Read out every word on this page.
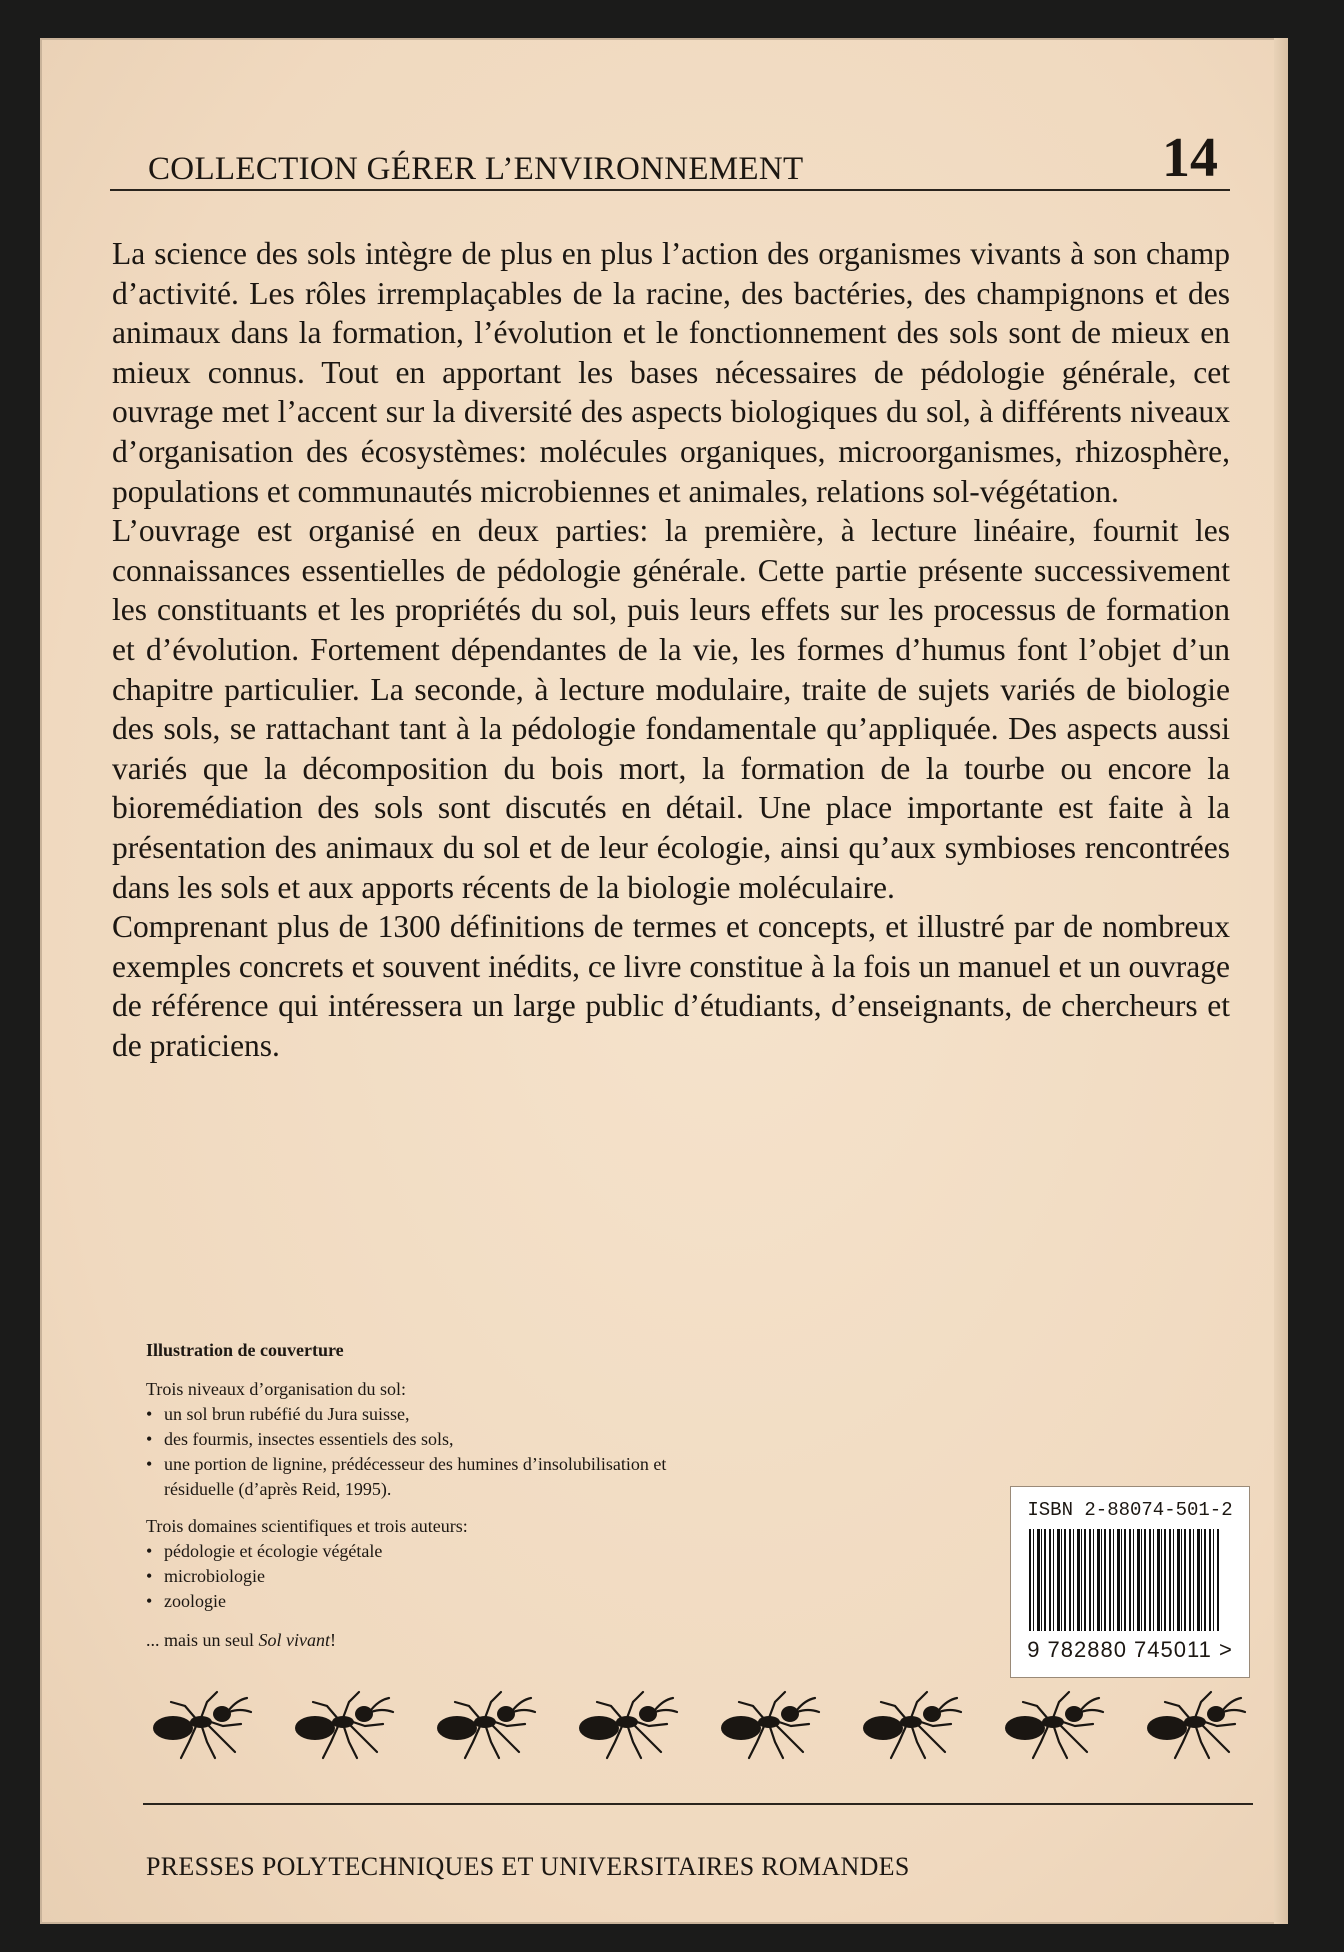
COLLECTION GÉRER L’ENVIRONNEMENT	14

La science des sols intègre de plus en plus l’action des organismes vivants à son champ d’activité. Les rôles irremplaçables de la racine, des bactéries, des champignons et des animaux dans la formation, l’évolution et le fonctionnement des sols sont de mieux en mieux connus. Tout en apportant les bases nécessaires de pédologie générale, cet ouvrage met l’accent sur la diversité des aspects biologiques du sol, à différents niveaux d’organisation des écosystèmes: molécules organiques, microorganismes, rhizosphère, populations et communautés microbiennes et animales, relations sol-végétation.

L’ouvrage est organisé en deux parties: la première, à lecture linéaire, fournit les connaissances essentielles de pédologie générale. Cette partie présente successivement les constituants et les propriétés du sol, puis leurs effets sur les processus de formation et d’évolution. Fortement dépendantes de la vie, les formes d’humus font l’objet d’un chapitre particulier. La seconde, à lecture modulaire, traite de sujets variés de biologie des sols, se rattachant tant à la pédologie fondamentale qu’appliquée. Des aspects aussi variés que la décomposition du bois mort, la formation de la tourbe ou encore la bioremédiation des sols sont discutés en détail. Une place importante est faite à la présentation des animaux du sol et de leur écologie, ainsi qu’aux symbioses rencontrées dans les sols et aux apports récents de la biologie moléculaire.

Comprenant plus de 1300 définitions de termes et concepts, et illustré par de nombreux exemples concrets et souvent inédits, ce livre constitue à la fois un manuel et un ouvrage de référence qui intéressera un large public d’étudiants, d’enseignants, de chercheurs et de praticiens.

Illustration de couverture
Trois niveaux d’organisation du sol:
• un sol brun rubéfié du Jura suisse,
• des fourmis, insectes essentiels des sols,
• une portion de lignine, prédécesseur des humines d’insolubilisation et résiduelle (d’après Reid, 1995).
Trois domaines scientifiques et trois auteurs:
• pédologie et écologie végétale
• microbiologie
• zoologie
... mais un seul Sol vivant!
ISBN 2-88074-501-2
9 782880 745011 >
PRESSES POLYTECHNIQUES ET UNIVERSITAIRES ROMANDES
